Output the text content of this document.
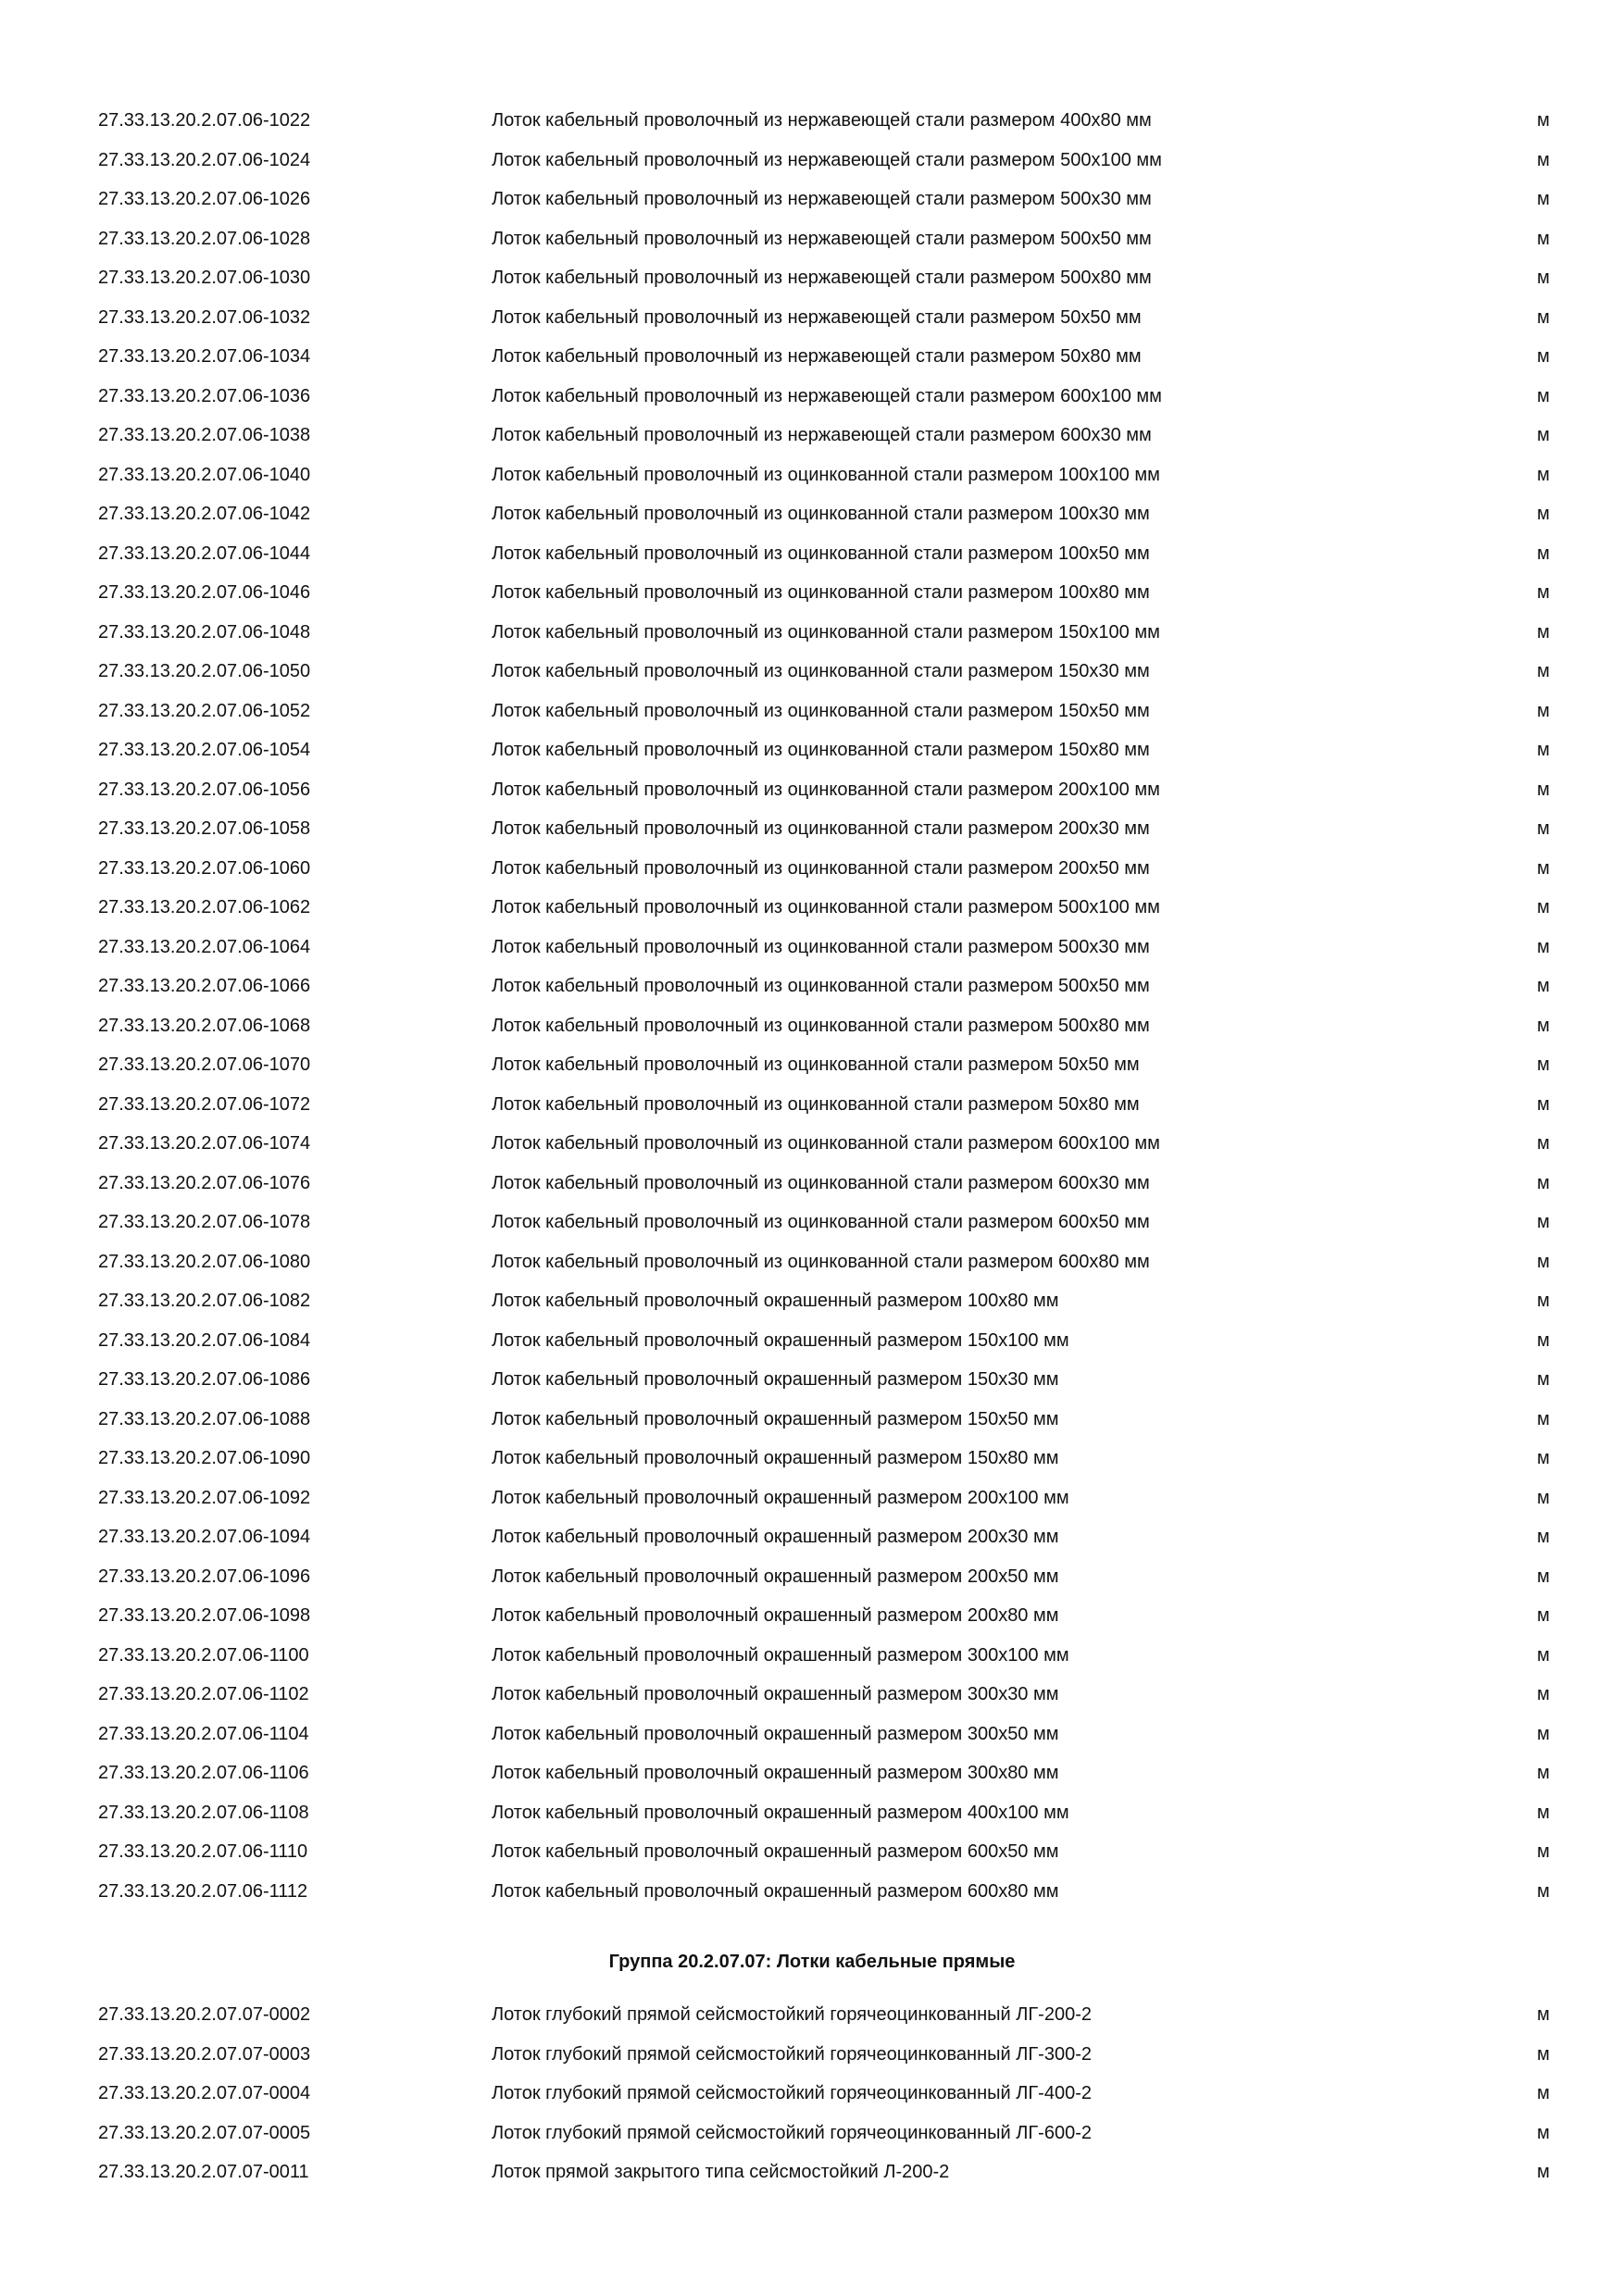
27.33.13.20.2.07.06-1022	Лоток кабельный проволочный из нержавеющей стали размером 400х80 мм	м
27.33.13.20.2.07.06-1024	Лоток кабельный проволочный из нержавеющей стали размером 500х100 мм	м
27.33.13.20.2.07.06-1026	Лоток кабельный проволочный из нержавеющей стали размером 500х30 мм	м
27.33.13.20.2.07.06-1028	Лоток кабельный проволочный из нержавеющей стали размером 500х50 мм	м
27.33.13.20.2.07.06-1030	Лоток кабельный проволочный из нержавеющей стали размером 500х80 мм	м
27.33.13.20.2.07.06-1032	Лоток кабельный проволочный из нержавеющей стали размером 50х50 мм	м
27.33.13.20.2.07.06-1034	Лоток кабельный проволочный из нержавеющей стали размером 50х80 мм	м
27.33.13.20.2.07.06-1036	Лоток кабельный проволочный из нержавеющей стали размером 600х100 мм	м
27.33.13.20.2.07.06-1038	Лоток кабельный проволочный из нержавеющей стали размером 600х30 мм	м
27.33.13.20.2.07.06-1040	Лоток кабельный проволочный из оцинкованной стали размером 100х100 мм	м
27.33.13.20.2.07.06-1042	Лоток кабельный проволочный из оцинкованной стали размером 100х30 мм	м
27.33.13.20.2.07.06-1044	Лоток кабельный проволочный из оцинкованной стали размером 100х50 мм	м
27.33.13.20.2.07.06-1046	Лоток кабельный проволочный из оцинкованной стали размером 100х80 мм	м
27.33.13.20.2.07.06-1048	Лоток кабельный проволочный из оцинкованной стали размером 150х100 мм	м
27.33.13.20.2.07.06-1050	Лоток кабельный проволочный из оцинкованной стали размером 150х30 мм	м
27.33.13.20.2.07.06-1052	Лоток кабельный проволочный из оцинкованной стали размером 150х50 мм	м
27.33.13.20.2.07.06-1054	Лоток кабельный проволочный из оцинкованной стали размером 150х80 мм	м
27.33.13.20.2.07.06-1056	Лоток кабельный проволочный из оцинкованной стали размером 200х100 мм	м
27.33.13.20.2.07.06-1058	Лоток кабельный проволочный из оцинкованной стали размером 200х30 мм	м
27.33.13.20.2.07.06-1060	Лоток кабельный проволочный из оцинкованной стали размером 200х50 мм	м
27.33.13.20.2.07.06-1062	Лоток кабельный проволочный из оцинкованной стали размером 500х100 мм	м
27.33.13.20.2.07.06-1064	Лоток кабельный проволочный из оцинкованной стали размером 500х30 мм	м
27.33.13.20.2.07.06-1066	Лоток кабельный проволочный из оцинкованной стали размером 500х50 мм	м
27.33.13.20.2.07.06-1068	Лоток кабельный проволочный из оцинкованной стали размером 500х80 мм	м
27.33.13.20.2.07.06-1070	Лоток кабельный проволочный из оцинкованной стали размером 50х50 мм	м
27.33.13.20.2.07.06-1072	Лоток кабельный проволочный из оцинкованной стали размером 50х80 мм	м
27.33.13.20.2.07.06-1074	Лоток кабельный проволочный из оцинкованной стали размером 600х100 мм	м
27.33.13.20.2.07.06-1076	Лоток кабельный проволочный из оцинкованной стали размером 600х30 мм	м
27.33.13.20.2.07.06-1078	Лоток кабельный проволочный из оцинкованной стали размером 600х50 мм	м
27.33.13.20.2.07.06-1080	Лоток кабельный проволочный из оцинкованной стали размером 600х80 мм	м
27.33.13.20.2.07.06-1082	Лоток кабельный проволочный окрашенный размером 100х80 мм	м
27.33.13.20.2.07.06-1084	Лоток кабельный проволочный окрашенный размером 150х100 мм	м
27.33.13.20.2.07.06-1086	Лоток кабельный проволочный окрашенный размером 150х30 мм	м
27.33.13.20.2.07.06-1088	Лоток кабельный проволочный окрашенный размером 150х50 мм	м
27.33.13.20.2.07.06-1090	Лоток кабельный проволочный окрашенный размером 150х80 мм	м
27.33.13.20.2.07.06-1092	Лоток кабельный проволочный окрашенный размером 200х100 мм	м
27.33.13.20.2.07.06-1094	Лоток кабельный проволочный окрашенный размером 200х30 мм	м
27.33.13.20.2.07.06-1096	Лоток кабельный проволочный окрашенный размером 200х50 мм	м
27.33.13.20.2.07.06-1098	Лоток кабельный проволочный окрашенный размером 200х80 мм	м
27.33.13.20.2.07.06-1100	Лоток кабельный проволочный окрашенный размером 300х100 мм	м
27.33.13.20.2.07.06-1102	Лоток кабельный проволочный окрашенный размером 300х30 мм	м
27.33.13.20.2.07.06-1104	Лоток кабельный проволочный окрашенный размером 300х50 мм	м
27.33.13.20.2.07.06-1106	Лоток кабельный проволочный окрашенный размером 300х80 мм	м
27.33.13.20.2.07.06-1108	Лоток кабельный проволочный окрашенный размером 400х100 мм	м
27.33.13.20.2.07.06-1110	Лоток кабельный проволочный окрашенный размером 600х50 мм	м
27.33.13.20.2.07.06-1112	Лоток кабельный проволочный окрашенный размером 600х80 мм	м
Группа 20.2.07.07: Лотки кабельные прямые
27.33.13.20.2.07.07-0002	Лоток глубокий прямой сейсмостойкий горячеоцинкованный ЛГ-200-2	м
27.33.13.20.2.07.07-0003	Лоток глубокий прямой сейсмостойкий горячеоцинкованный ЛГ-300-2	м
27.33.13.20.2.07.07-0004	Лоток глубокий прямой сейсмостойкий горячеоцинкованный ЛГ-400-2	м
27.33.13.20.2.07.07-0005	Лоток глубокий прямой сейсмостойкий горячеоцинкованный ЛГ-600-2	м
27.33.13.20.2.07.07-0011	Лоток прямой закрытого типа сейсмостойкий Л-200-2	м
